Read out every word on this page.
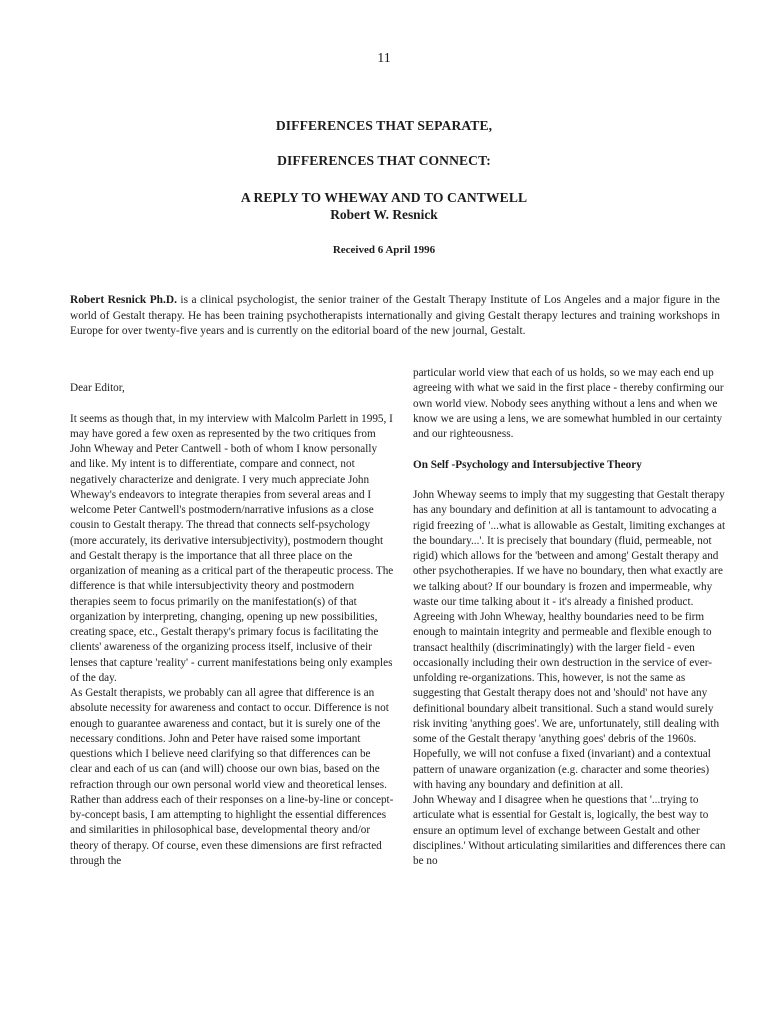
11
DIFFERENCES THAT SEPARATE,
DIFFERENCES THAT CONNECT:
A REPLY TO WHEWAY AND TO CANTWELL
Robert W. Resnick
Received 6 April 1996
Robert Resnick Ph.D. is a clinical psychologist, the senior trainer of the Gestalt Therapy Institute of Los Angeles and a major figure in the world of Gestalt therapy. He has been training psychotherapists internationally and giving Gestalt therapy lectures and training workshops in Europe for over twenty-five years and is currently on the editorial board of the new journal, Gestalt.

Dear Editor,

It seems as though that, in my interview with Malcolm Parlett in 1995, I may have gored a few oxen as represented by the two critiques from John Wheway and Peter Cantwell - both of whom I know personally and like. My intent is to differentiate, compare and connect, not negatively characterize and denigrate. I very much appreciate John Wheway's endeavors to integrate therapies from several areas and I welcome Peter Cantwell's postmodern/narrative infusions as a close cousin to Gestalt therapy. The thread that connects self-psychology (more accurately, its derivative intersubjectivity), postmodern thought and Gestalt therapy is the importance that all three place on the organization of meaning as a critical part of the therapeutic process. The difference is that while intersubjectivity theory and postmodern therapies seem to focus primarily on the manifestation(s) of that organization by interpreting, changing, opening up new possibilities, creating space, etc., Gestalt therapy's primary focus is facilitating the clients' awareness of the organizing process itself, inclusive of their lenses that capture 'reality' - current manifestations being only examples of the day.

As Gestalt therapists, we probably can all agree that difference is an absolute necessity for awareness and contact to occur. Difference is not enough to guarantee awareness and contact, but it is surely one of the necessary conditions. John and Peter have raised some important questions which I believe need clarifying so that differences can be clear and each of us can (and will) choose our own bias, based on the refraction through our own personal world view and theoretical lenses. Rather than address each of their responses on a line-by-line or concept-by-concept basis, I am attempting to highlight the essential differences and similarities in philosophical base, developmental theory and/or theory of therapy. Of course, even these dimensions are first refracted through the

particular world view that each of us holds, so we may each end up agreeing with what we said in the first place - thereby confirming our own world view. Nobody sees anything without a lens and when we know we are using a lens, we are somewhat humbled in our certainty and our righteousness.

On Self -Psychology and Intersubjective Theory

John Wheway seems to imply that my suggesting that Gestalt therapy has any boundary and definition at all is tantamount to advocating a rigid freezing of '...what is allowable as Gestalt, limiting exchanges at the boundary...'. It is precisely that boundary (fluid, permeable, not rigid) which allows for the 'between and among' Gestalt therapy and other psychotherapies. If we have no boundary, then what exactly are we talking about? If our boundary is frozen and impermeable, why waste our time talking about it - it's already a finished product. Agreeing with John Wheway, healthy boundaries need to be firm enough to maintain integrity and permeable and flexible enough to transact healthily (discriminatingly) with the larger field - even occasionally including their own destruction in the service of ever-unfolding re-organizations. This, however, is not the same as suggesting that Gestalt therapy does not and 'should' not have any definitional boundary albeit transitional. Such a stand would surely risk inviting 'anything goes'. We are, unfortunately, still dealing with some of the Gestalt therapy 'anything goes' debris of the 1960s. Hopefully, we will not confuse a fixed (invariant) and a contextual pattern of unaware organization (e.g. character and some theories) with having any boundary and definition at all.

John Wheway and I disagree when he questions that '...trying to articulate what is essential for Gestalt is, logically, the best way to ensure an optimum level of exchange between Gestalt and other disciplines.' Without articulating similarities and differences there can be no
